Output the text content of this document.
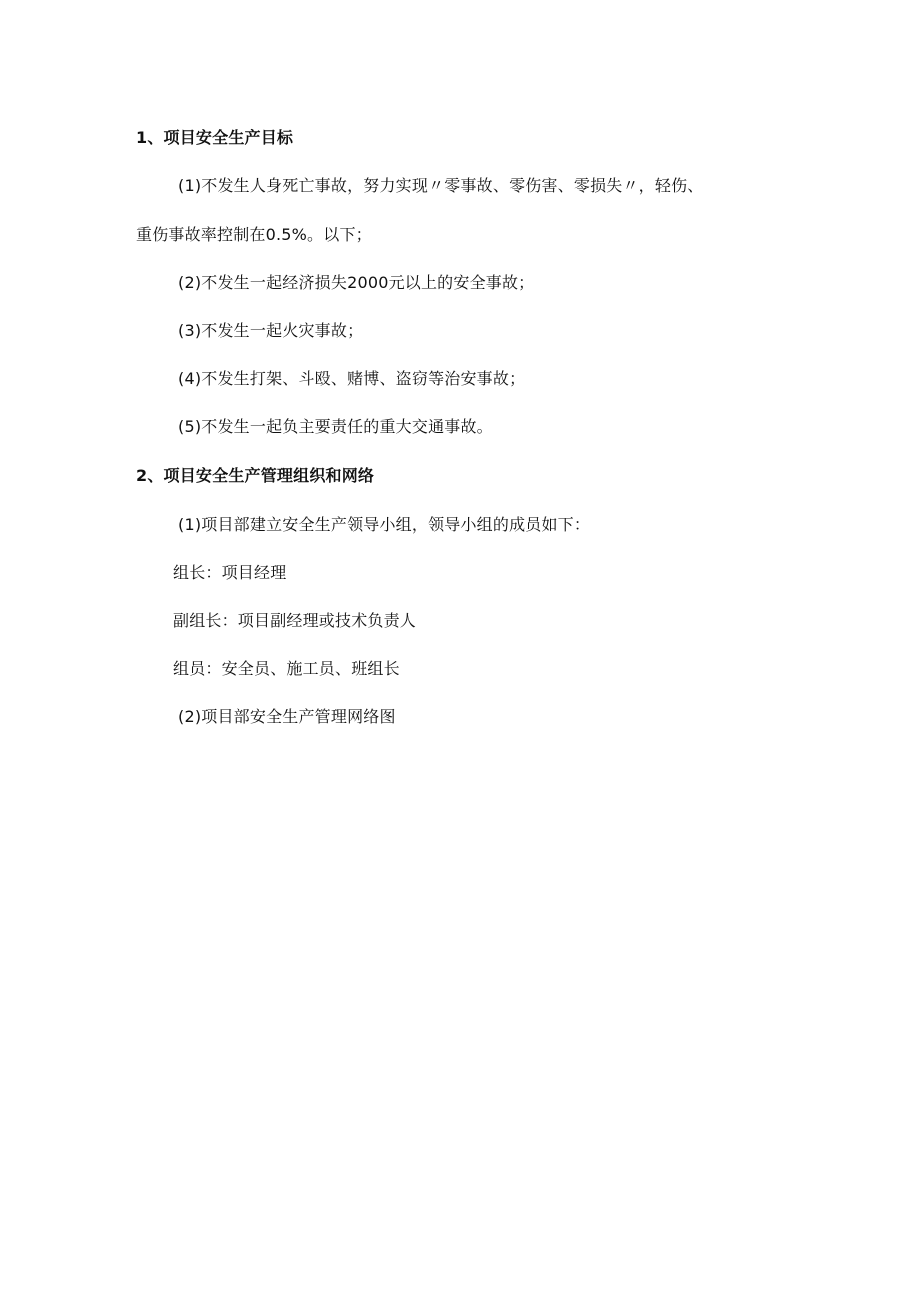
1、项目安全生产目标
(1)不发生人身死亡事故，努力实现〃零事故、零伤害、零损失〃，轻伤、
重伤事故率控制在0.5%。以下；
(2)不发生一起经济损失2000元以上的安全事故；
(3)不发生一起火灾事故；
(4)不发生打架、斗殴、赌博、盗窃等治安事故；
(5)不发生一起负主要责任的重大交通事故。
2、项目安全生产管理组织和网络
(1)项目部建立安全生产领导小组，领导小组的成员如下：
组长：项目经理
副组长：项目副经理或技术负责人
组员：安全员、施工员、班组长
(2)项目部安全生产管理网络图
